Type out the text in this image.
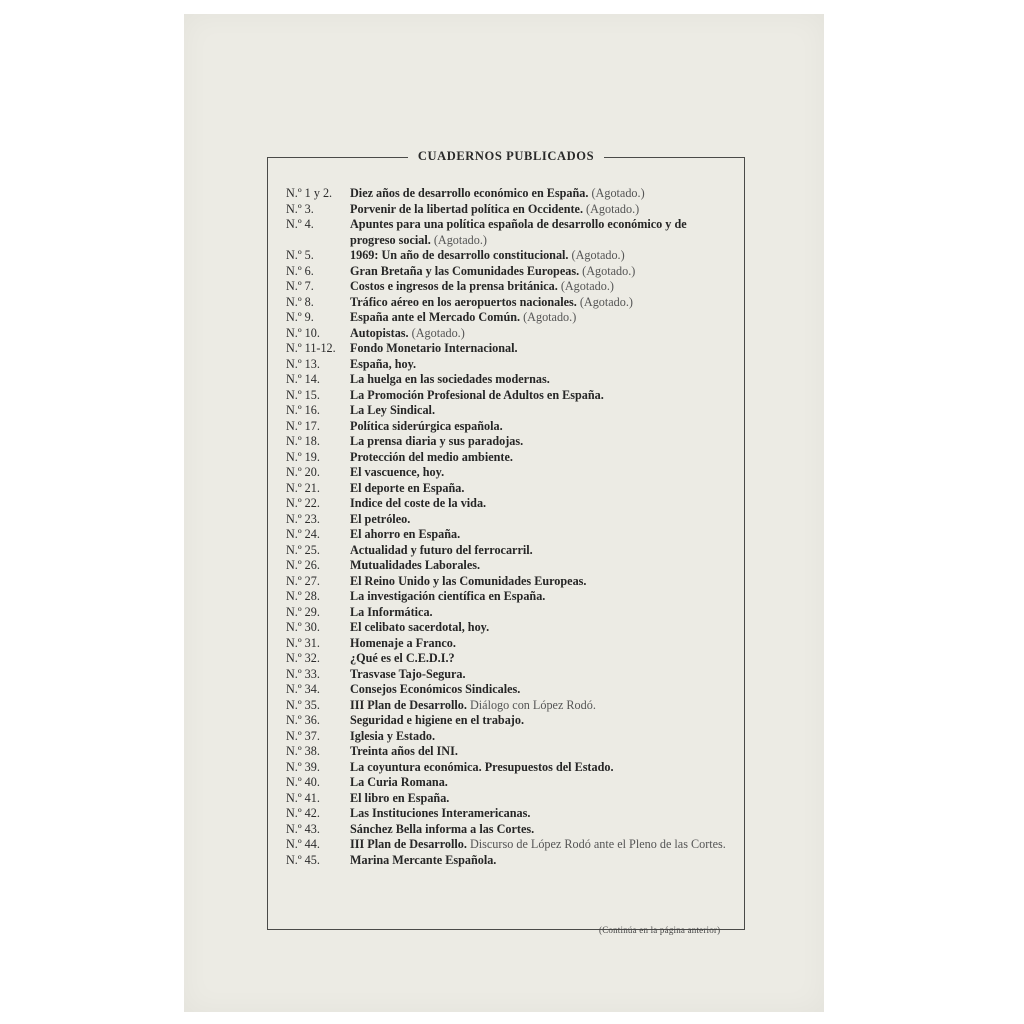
CUADERNOS PUBLICADOS
N.º 1 y 2.	Diez años de desarrollo económico en España. (Agotado.)
N.º 3.	Porvenir de la libertad política en Occidente. (Agotado.)
N.º 4.	Apuntes para una política española de desarrollo económico y de progreso social. (Agotado.)
N.º 5.	1969: Un año de desarrollo constitucional. (Agotado.)
N.º 6.	Gran Bretaña y las Comunidades Europeas. (Agotado.)
N.º 7.	Costos e ingresos de la prensa británica. (Agotado.)
N.º 8.	Tráfico aéreo en los aeropuertos nacionales. (Agotado.)
N.º 9.	España ante el Mercado Común. (Agotado.)
N.º 10.	Autopistas. (Agotado.)
N.º 11-12.	Fondo Monetario Internacional.
N.º 13.	España, hoy.
N.º 14.	La huelga en las sociedades modernas.
N.º 15.	La Promoción Profesional de Adultos en España.
N.º 16.	La Ley Sindical.
N.º 17.	Política siderúrgica española.
N.º 18.	La prensa diaria y sus paradojas.
N.º 19.	Protección del medio ambiente.
N.º 20.	El vascuence, hoy.
N.º 21.	El deporte en España.
N.º 22.	Indice del coste de la vida.
N.º 23.	El petróleo.
N.º 24.	El ahorro en España.
N.º 25.	Actualidad y futuro del ferrocarril.
N.º 26.	Mutualidades Laborales.
N.º 27.	El Reino Unido y las Comunidades Europeas.
N.º 28.	La investigación científica en España.
N.º 29.	La Informática.
N.º 30.	El celibato sacerdotal, hoy.
N.º 31.	Homenaje a Franco.
N.º 32.	¿Qué es el C.E.D.I.?
N.º 33.	Trasvase Tajo-Segura.
N.º 34.	Consejos Económicos Sindicales.
N.º 35.	III Plan de Desarrollo. Diálogo con López Rodó.
N.º 36.	Seguridad e higiene en el trabajo.
N.º 37.	Iglesia y Estado.
N.º 38.	Treinta años del INI.
N.º 39.	La coyuntura económica. Presupuestos del Estado.
N.º 40.	La Curia Romana.
N.º 41.	El libro en España.
N.º 42.	Las Instituciones Interamericanas.
N.º 43.	Sánchez Bella informa a las Cortes.
N.º 44.	III Plan de Desarrollo. Discurso de López Rodó ante el Pleno de las Cortes.
N.º 45.	Marina Mercante Española.
(Continúa en la página anterior)
